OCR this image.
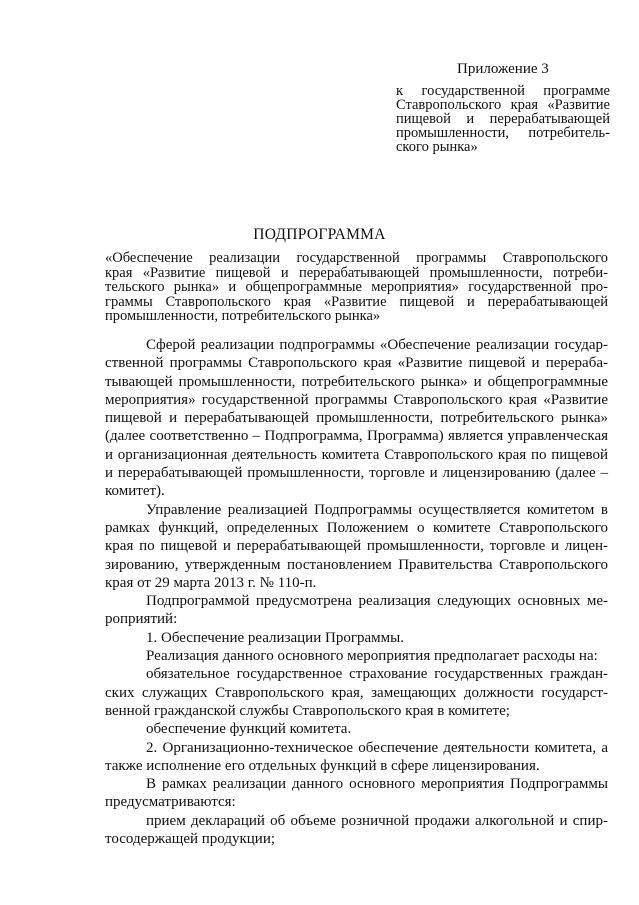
Приложение 3
к государственной программе
Ставропольского края «Развитие
пищевой и перерабатывающей
промышленности, потребитель-
ского рынка»
ПОДПРОГРАММА
«Обеспечение реализации государственной программы Ставропольского
края «Развитие пищевой и перерабатывающей промышленности, потреби-
тельского рынка» и общепрограммные мероприятия» государственной про-
граммы Ставропольского края «Развитие пищевой и перерабатывающей
промышленности, потребительского рынка»
Сферой реализации подпрограммы «Обеспечение реализации государ-
ственной программы Ставропольского края «Развитие пищевой и перераба-
тывающей промышленности, потребительского рынка» и общепрограммные
мероприятия» государственной программы Ставропольского края «Развитие
пищевой и перерабатывающей промышленности, потребительского рынка»
(далее соответственно – Подпрограмма, Программа) является управленческая
и организационная деятельность комитета Ставропольского края по пищевой
и перерабатывающей промышленности, торговле и лицензированию (далее –
комитет).
Управление реализацией Подпрограммы осуществляется комитетом в
рамках функций, определенных Положением о комитете Ставропольского
края по пищевой и перерабатывающей промышленности, торговле и лицен-
зированию, утвержденным постановлением Правительства Ставропольского
края от 29 марта 2013 г. № 110-п.
Подпрограммой предусмотрена реализация следующих основных ме-
роприятий:
1. Обеспечение реализации Программы.
Реализация данного основного мероприятия предполагает расходы на:
обязательное государственное страхование государственных граждан-
ских служащих Ставропольского края, замещающих должности государст-
венной гражданской службы Ставропольского края в комитете;
обеспечение функций комитета.
2. Организационно-техническое обеспечение деятельности комитета, а
также исполнение его отдельных функций в сфере лицензирования.
В рамках реализации данного основного мероприятия Подпрограммы
предусматриваются:
прием деклараций об объеме розничной продажи алкогольной и спир-
тосодержащей продукции;
